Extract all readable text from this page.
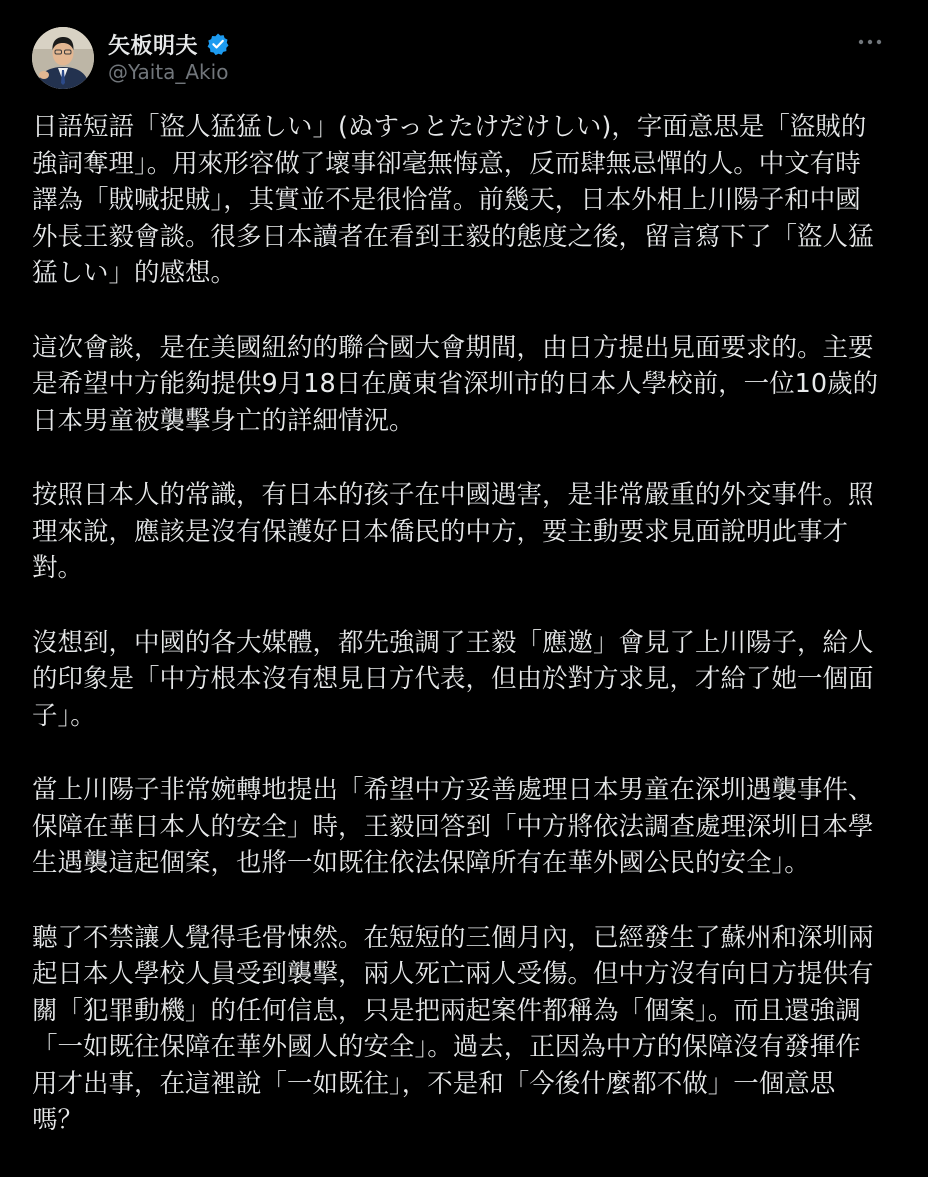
矢板明夫
@Yaita_Akio

日語短語「盜人猛猛しい」(ぬすっとたけだけしい)，字面意思是「盜賊的
強詞奪理」。用來形容做了壞事卻毫無悔意，反而肆無忌憚的人。中文有時
譯為「賊喊捉賊」，其實並不是很恰當。前幾天，日本外相上川陽子和中國
外長王毅會談。很多日本讀者在看到王毅的態度之後，留言寫下了「盜人猛
猛しい」的感想。

這次會談，是在美國紐約的聯合國大會期間，由日方提出見面要求的。主要
是希望中方能夠提供9月18日在廣東省深圳市的日本人學校前，一位10歲的
日本男童被襲擊身亡的詳細情況。

按照日本人的常識，有日本的孩子在中國遇害，是非常嚴重的外交事件。照
理來說，應該是沒有保護好日本僑民的中方，要主動要求見面說明此事才
對。

沒想到，中國的各大媒體，都先強調了王毅「應邀」會見了上川陽子，給人
的印象是「中方根本沒有想見日方代表，但由於對方求見，才給了她一個面
子」。

當上川陽子非常婉轉地提出「希望中方妥善處理日本男童在深圳遇襲事件、
保障在華日本人的安全」時，王毅回答到「中方將依法調查處理深圳日本學
生遇襲這起個案，也將一如既往依法保障所有在華外國公民的安全」。

聽了不禁讓人覺得毛骨悚然。在短短的三個月內，已經發生了蘇州和深圳兩
起日本人學校人員受到襲擊，兩人死亡兩人受傷。但中方沒有向日方提供有
關「犯罪動機」的任何信息，只是把兩起案件都稱為「個案」。而且還強調
「一如既往保障在華外國人的安全」。過去，正因為中方的保障沒有發揮作
用才出事，在這裡說「一如既往」，不是和「今後什麼都不做」一個意思
嗎？
